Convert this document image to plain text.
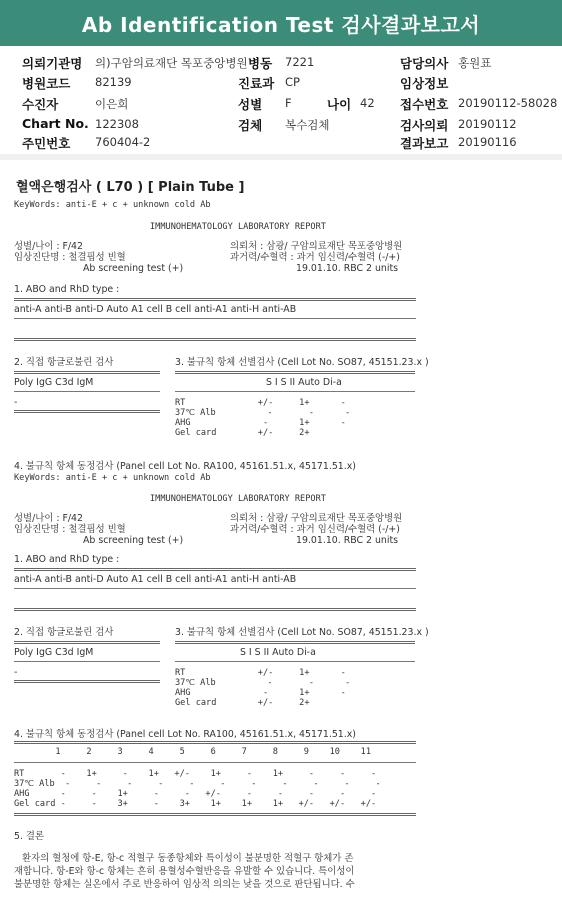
Ab Identification Test 검사결과보고서
의뢰기관명 의)구암의료재단 목포중앙병원 병동 7221	담당의사 홍원표
병원코드 82139	진료과 CP	임상정보
수진자	이은희	성별 F	나이 42 접수번호 20190112-58028
Chart No. 122308	검체 복수검체	검사의뢰 20190112
주민번호 760404-2	결과보고 20190116
혈액은행검사 ( L70 ) [ Plain Tube ]
KeyWords: anti-E + c + unknown cold Ab
IMMUNOHEMATOLOGY LABORATORY REPORT
성별/나이 : F/42
임상진단명 : 철결핍성 빈혈
Ab screening test (+)
의뢰처 : 삼광/ 구암의료재단 목포중앙병원
과거력/수혈력 : 과거 임신력/수혈력 (-/+)
19.01.10. RBC 2 units
1. ABO and RhD type :
anti-A anti-B anti-D Auto A1 cell B cell anti-A1 anti-H anti-AB
2. 직접 항글로불린 검사
Poly IgG C3d IgM
-
3. 불규칙 항체 선별검사 (Cell Lot No. SO87, 45151.23.x )
S I S II Auto Di-a
RT              +/-     1+      -
37℃ Alb          -       -      -
AHG              -      1+      -
Gel card        +/-     2+
4. 불규칙 항체 동정검사 (Panel cell Lot No. RA100, 45161.51.x, 45171.51.x)
KeyWords: anti-E + c + unknown cold Ab
IMMUNOHEMATOLOGY LABORATORY REPORT
성별/나이 : F/42
임상진단명 : 철결핍성 빈혈
Ab screening test (+)
의뢰처 : 삼광/ 구암의료재단 목포중앙병원
과거력/수혈력 : 과거 임신력/수혈력 (-/+)
19.01.10. RBC 2 units
1. ABO and RhD type :
anti-A anti-B anti-D Auto A1 cell B cell anti-A1 anti-H anti-AB
2. 직접 항글로불린 검사
Poly IgG C3d IgM
-
3. 불규칙 항체 선별검사 (Cell Lot No. SO87, 45151.23.x )
S I S II Auto Di-a
RT              +/-     1+      -
37℃ Alb          -       -      -
AHG              -      1+      -
Gel card        +/-     2+
4. 불규칙 항체 동정검사 (Panel cell Lot No. RA100, 45161.51.x, 45171.51.x)
1     2     3     4     5     6     7     8     9    10    11
RT       -    1+     -    1+   +/-    1+     -    1+     -     -     -
37℃ Alb  -     -     -     -     -     -     -     -     -     -     -
AHG      -     -    1+     -     -   +/-     -     -     -     -     -
Gel card -     -    3+     -    3+    1+    1+    1+   +/-   +/-   +/-
5. 결론
환자의 혈청에 항-E, 항-c 적혈구 동종항체와 특이성이 불분명한 적혈구 항체가 존
재합니다. 항-E와 항-c 항체는 흔히 용혈성수혈반응을 유발할 수 있습니다. 특이성이
불분명한 항체는 실온에서 주로 반응하여 임상적 의의는 낮을 것으로 판단됩니다. 수
